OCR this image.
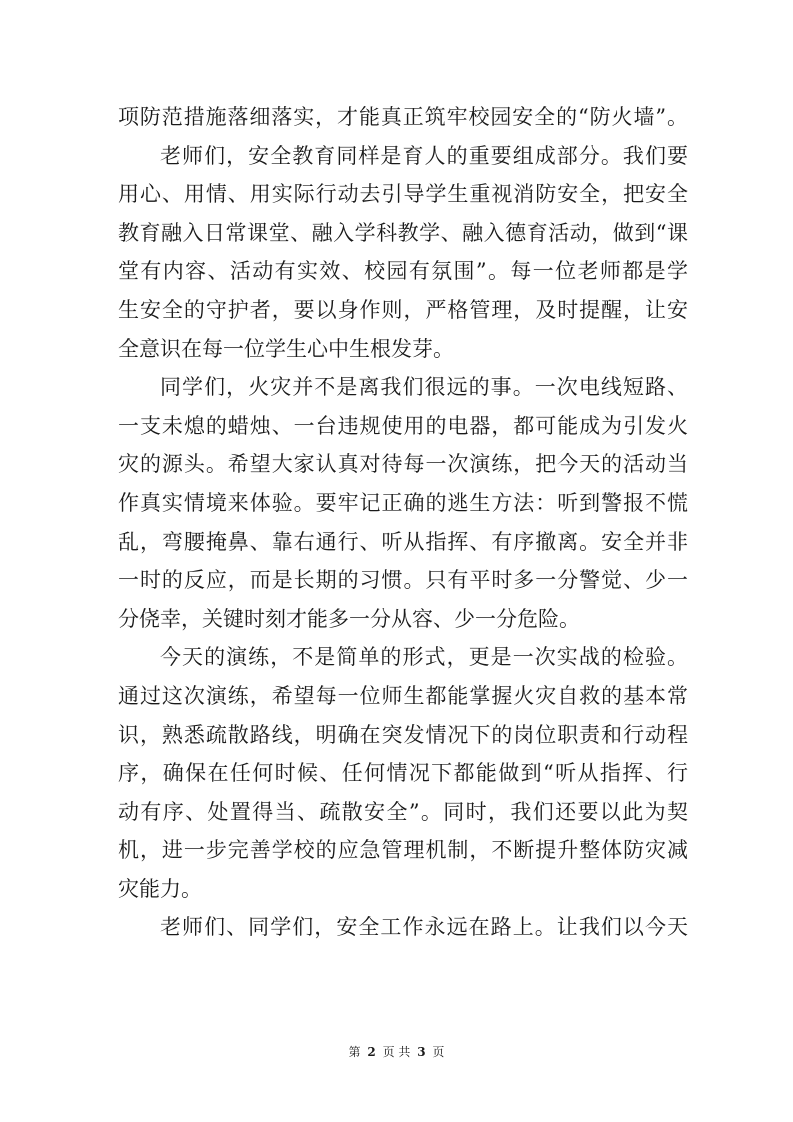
项防范措施落细落实，才能真正筑牢校园安全的“防火墙”。
老师们，安全教育同样是育人的重要组成部分。我们要
用心、用情、用实际行动去引导学生重视消防安全，把安全
教育融入日常课堂、融入学科教学、融入德育活动，做到“课
堂有内容、活动有实效、校园有氛围”。每一位老师都是学
生安全的守护者，要以身作则，严格管理，及时提醒，让安
全意识在每一位学生心中生根发芽。
同学们，火灾并不是离我们很远的事。一次电线短路、
一支未熄的蜡烛、一台违规使用的电器，都可能成为引发火
灾的源头。希望大家认真对待每一次演练，把今天的活动当
作真实情境来体验。要牢记正确的逃生方法：听到警报不慌
乱，弯腰掩鼻、靠右通行、听从指挥、有序撤离。安全并非
一时的反应，而是长期的习惯。只有平时多一分警觉、少一
分侥幸，关键时刻才能多一分从容、少一分危险。
今天的演练，不是简单的形式，更是一次实战的检验。
通过这次演练，希望每一位师生都能掌握火灾自救的基本常
识，熟悉疏散路线，明确在突发情况下的岗位职责和行动程
序，确保在任何时候、任何情况下都能做到“听从指挥、行
动有序、处置得当、疏散安全”。同时，我们还要以此为契
机，进一步完善学校的应急管理机制，不断提升整体防灾减
灾能力。
老师们、同学们，安全工作永远在路上。让我们以今天
第 2 页 共 3 页
